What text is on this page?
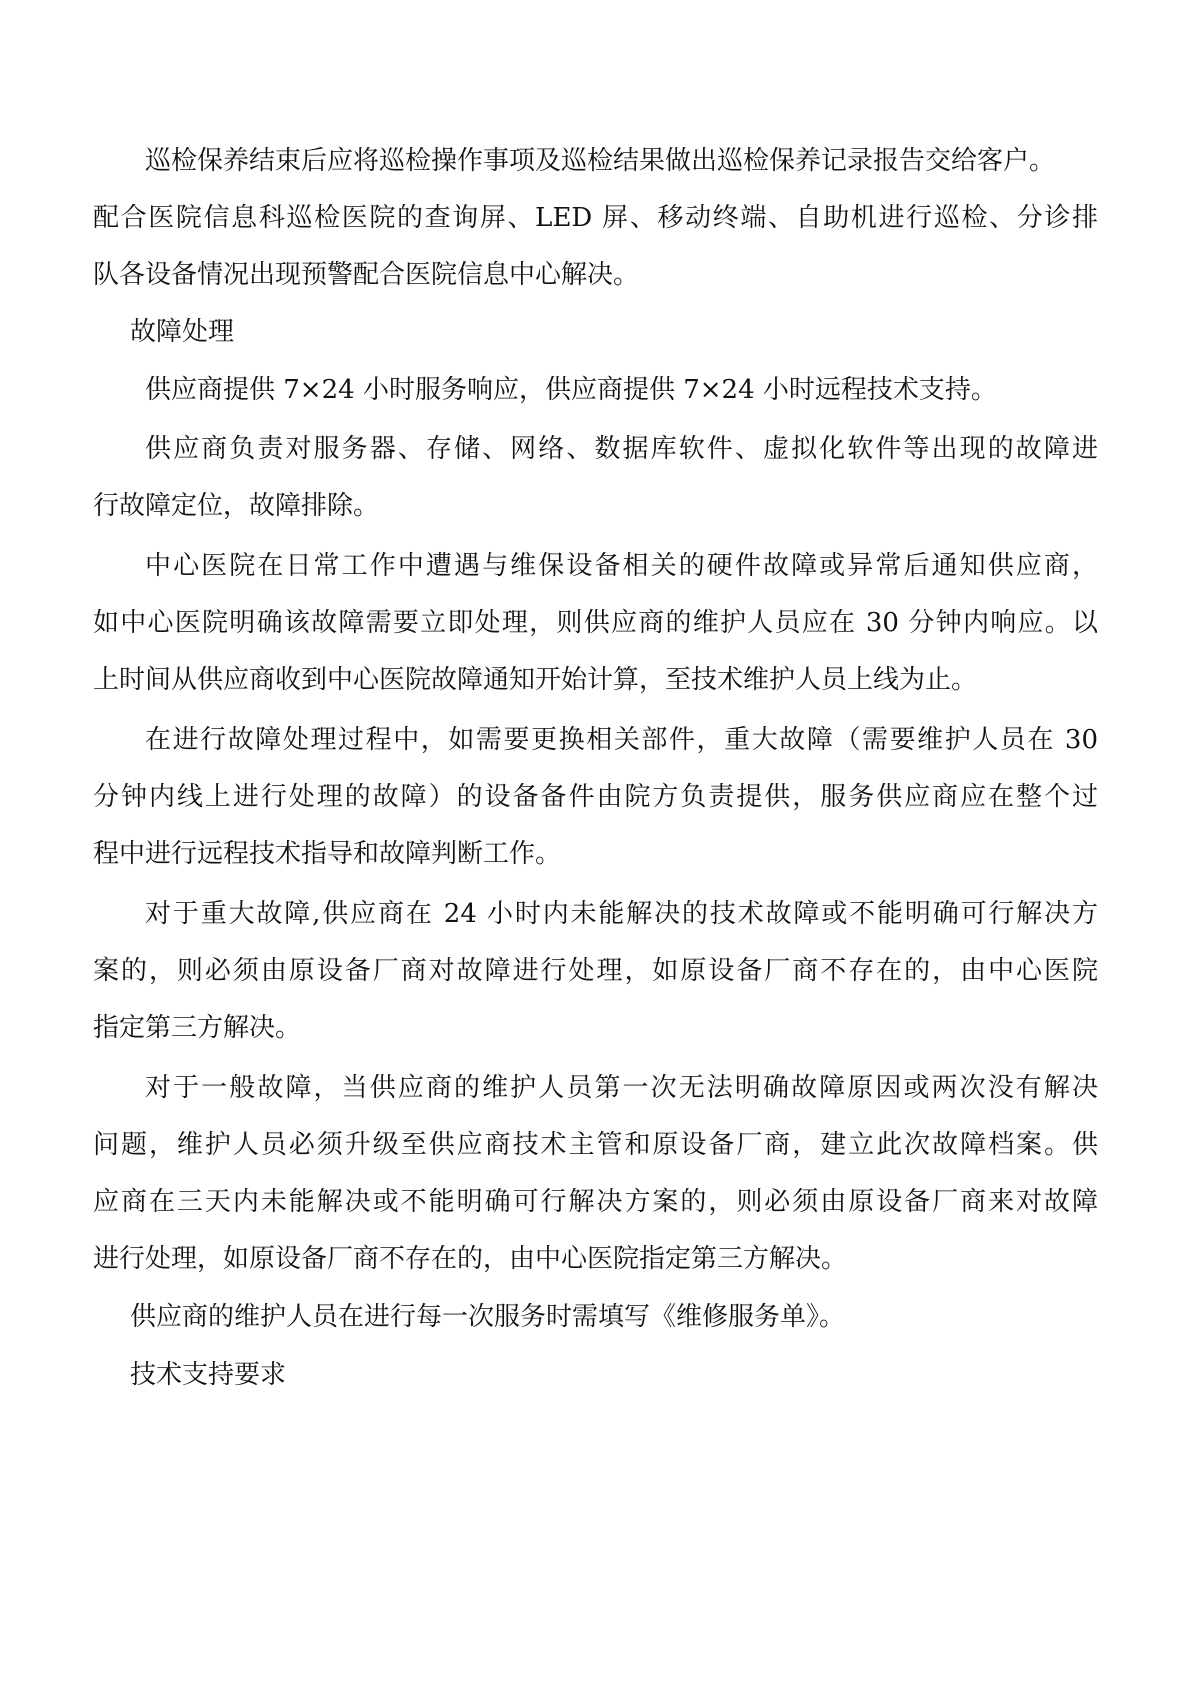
巡检保养结束后应将巡检操作事项及巡检结果做出巡检保养记录报告交给客户。

配合医院信息科巡检医院的查询屏、LED 屏、移动终端、自助机进行巡检、分诊排

队各设备情况出现预警配合医院信息中心解决。

故障处理

供应商提供 7×24 小时服务响应，供应商提供 7×24 小时远程技术支持。

供应商负责对服务器、存储、网络、数据库软件、虚拟化软件等出现的故障进

行故障定位，故障排除。

中心医院在日常工作中遭遇与维保设备相关的硬件故障或异常后通知供应商，

如中心医院明确该故障需要立即处理，则供应商的维护人员应在 30 分钟内响应。以

上时间从供应商收到中心医院故障通知开始计算，至技术维护人员上线为止。

在进行故障处理过程中，如需要更换相关部件，重大故障（需要维护人员在 30

分钟内线上进行处理的故障）的设备备件由院方负责提供，服务供应商应在整个过

程中进行远程技术指导和故障判断工作。

对于重大故障,供应商在 24 小时内未能解决的技术故障或不能明确可行解决方

案的，则必须由原设备厂商对故障进行处理，如原设备厂商不存在的，由中心医院

指定第三方解决。

对于一般故障，当供应商的维护人员第一次无法明确故障原因或两次没有解决

问题，维护人员必须升级至供应商技术主管和原设备厂商，建立此次故障档案。供

应商在三天内未能解决或不能明确可行解决方案的，则必须由原设备厂商来对故障

进行处理，如原设备厂商不存在的，由中心医院指定第三方解决。

供应商的维护人员在进行每一次服务时需填写《维修服务单》。

技术支持要求
